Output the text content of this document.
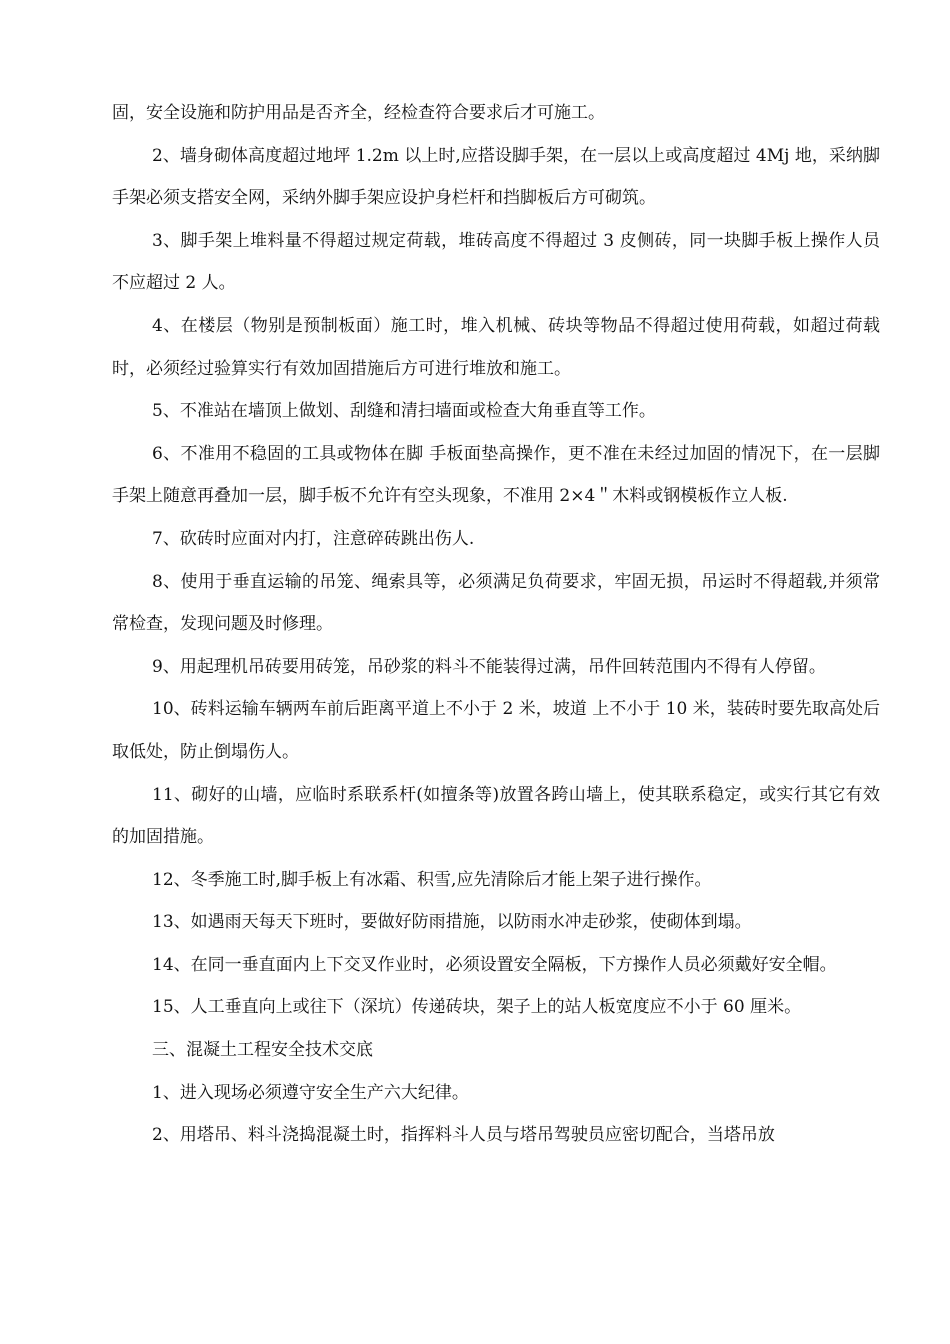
固，安全设施和防护用品是否齐全，经检查符合要求后才可施工。

2、墙身砌体高度超过地坪 1.2m 以上时,应搭设脚手架，在一层以上或高度超过 4Mj 地，采纳脚手架必须支搭安全网，采纳外脚手架应设护身栏杆和挡脚板后方可砌筑。

3、脚手架上堆料量不得超过规定荷载，堆砖高度不得超过 3 皮侧砖，同一块脚手板上操作人员不应超过 2 人。

4、在楼层（物别是预制板面）施工时，堆入机械、砖块等物品不得超过使用荷载，如超过荷载时，必须经过验算实行有效加固措施后方可进行堆放和施工。

5、不准站在墙顶上做划、刮缝和清扫墙面或检查大角垂直等工作。

6、不准用不稳固的工具或物体在脚 手板面垫高操作，更不准在未经过加固的情况下，在一层脚手架上随意再叠加一层，脚手板不允许有空头现象，不准用 2×4＂木料或钢模板作立人板.

7、砍砖时应面对内打，注意碎砖跳出伤人.

8、使用于垂直运输的吊笼、绳索具等，必须满足负荷要求，牢固无损，吊运时不得超载,并须常常检查，发现问题及时修理。

9、用起理机吊砖要用砖笼，吊砂浆的料斗不能装得过满，吊件回转范围内不得有人停留。

10、砖料运输车辆两车前后距离平道上不小于 2 米，坡道 上不小于 10 米，装砖时要先取高处后取低处，防止倒塌伤人。

11、砌好的山墙，应临时系联系杆(如擅条等)放置各跨山墙上，使其联系稳定，或实行其它有效的加固措施。

12、冬季施工时,脚手板上有冰霜、积雪,应先清除后才能上架子进行操作。

13、如遇雨天每天下班时，要做好防雨措施，以防雨水冲走砂浆，使砌体到塌。

14、在同一垂直面内上下交叉作业时，必须设置安全隔板，下方操作人员必须戴好安全帽。

15、人工垂直向上或往下（深坑）传递砖块，架子上的站人板宽度应不小于 60 厘米。

三、混凝土工程安全技术交底

1、进入现场必须遵守安全生产六大纪律。

2、用塔吊、料斗浇捣混凝土时，指挥料斗人员与塔吊驾驶员应密切配合，当塔吊放
